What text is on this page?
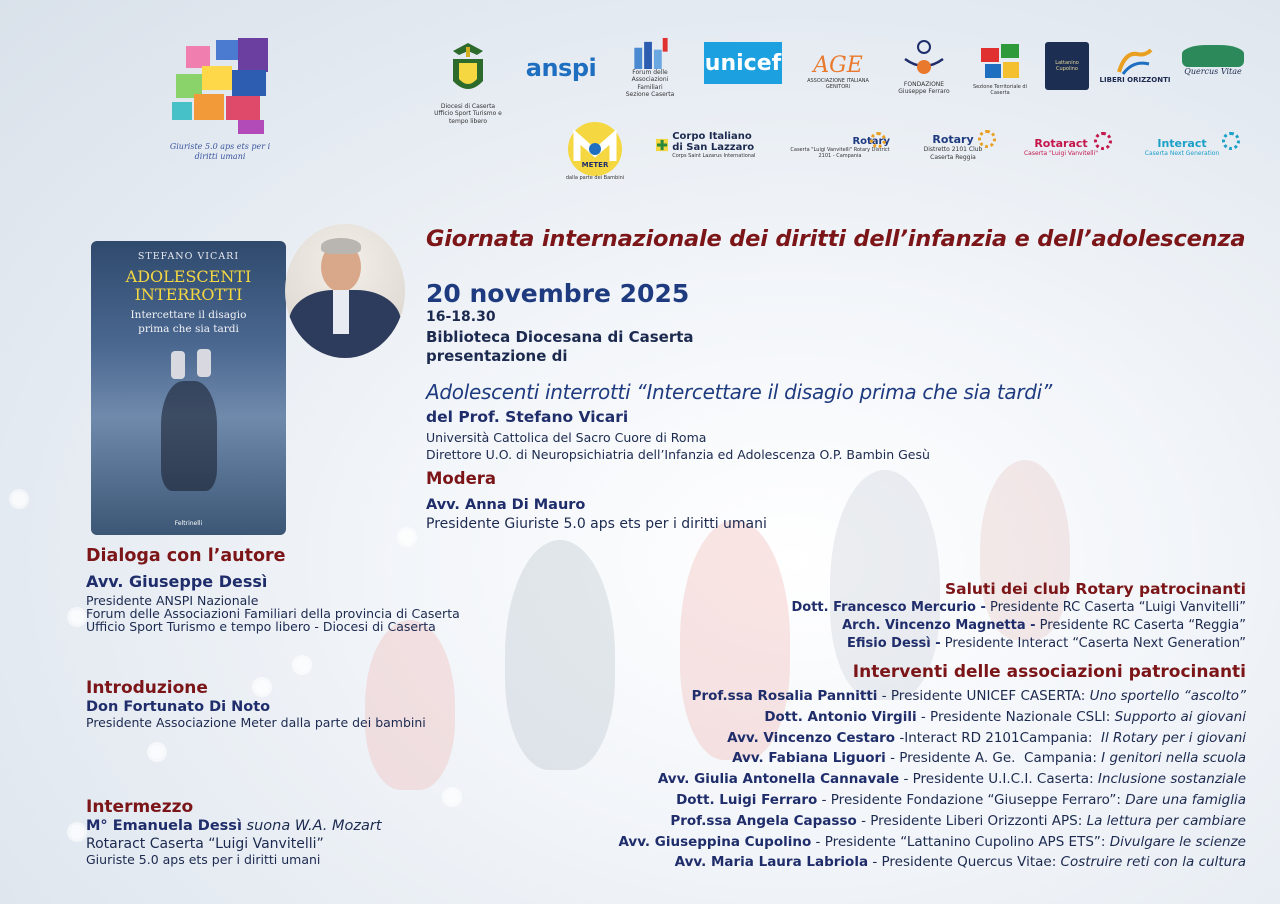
Giuriste 5.0 aps ets per i diritti umani
Diocesi di Caserta Ufficio Sport Turismo e tempo libero
anspi	Forum delle Associazioni Familiari
Sezione Caserta
unicef AGE
ASSOCIAZIONE ITALIANA GENITORI	FONDAZIONE Giuseppe Ferraro
Sezione Territoriale di Caserta
Lattanino Cupolino
LIBERI ORIZZONTI
Quercus Vitae
METER
dalla parte dei Bambini
Corpo Italiano di San Lazzaro
Corps Saint Lazarus International
Rotary
Caserta "Luigi Vanvitelli" Rotary District 2101 - Campania
Rotary
Distretto 2101 Club Caserta Reggia
Rotaract
Caserta "Luigi Vanvitelli"
Interact
Caserta Next Generation
STEFANO VICARI
ADOLESCENTI
INTERROTTI
Intercettare il disagio
prima che sia tardi
Feltrinelli
Giornata internazionale dei diritti dell’infanzia e dell’adolescenza
20 novembre 2025
16-18.30
Biblioteca Diocesana di Caserta
presentazione di
Adolescenti interrotti “Intercettare il disagio prima che sia tardi”
del Prof. Stefano Vicari
Università Cattolica del Sacro Cuore di Roma
Direttore U.O. di Neuropsichiatria dell’Infanzia ed Adolescenza O.P. Bambin Gesù
Modera
Avv. Anna Di Mauro
Presidente Giuriste 5.0 aps ets per i diritti umani
Dialoga con l’autore
Avv. Giuseppe Dessì
Presidente ANSPI Nazionale
Forum delle Associazioni Familiari della provincia di Caserta
Ufficio Sport Turismo e tempo libero - Diocesi di Caserta
Introduzione
Don Fortunato Di Noto
Presidente Associazione Meter dalla parte dei bambini
Intermezzo
M° Emanuela Dessì suona W.A. Mozart
Rotaract Caserta “Luigi Vanvitelli”
Giuriste 5.0 aps ets per i diritti umani
Saluti dei club Rotary patrocinanti
Dott. Francesco Mercurio - Presidente RC Caserta “Luigi Vanvitelli”
Arch. Vincenzo Magnetta - Presidente RC Caserta “Reggia”
Efisio Dessì - Presidente Interact “Caserta Next Generation”
Interventi delle associazioni patrocinanti
Prof.ssa Rosalia Pannitti - Presidente UNICEF CASERTA: Uno sportello “ascolto”
Dott. Antonio Virgili - Presidente Nazionale CSLI: Supporto ai giovani
Avv. Vincenzo Cestaro -Interact RD 2101Campania:  Il Rotary per i giovani
Avv. Fabiana Liguori - Presidente A. Ge.  Campania: I genitori nella scuola
Avv. Giulia Antonella Cannavale - Presidente U.I.C.I. Caserta: Inclusione sostanziale
Dott. Luigi Ferraro - Presidente Fondazione “Giuseppe Ferraro”: Dare una famiglia
Prof.ssa Angela Capasso - Presidente Liberi Orizzonti APS: La lettura per cambiare
Avv. Giuseppina Cupolino - Presidente “Lattanino Cupolino APS ETS”: Divulgare le scienze
Avv. Maria Laura Labriola - Presidente Quercus Vitae: Costruire reti con la cultura
